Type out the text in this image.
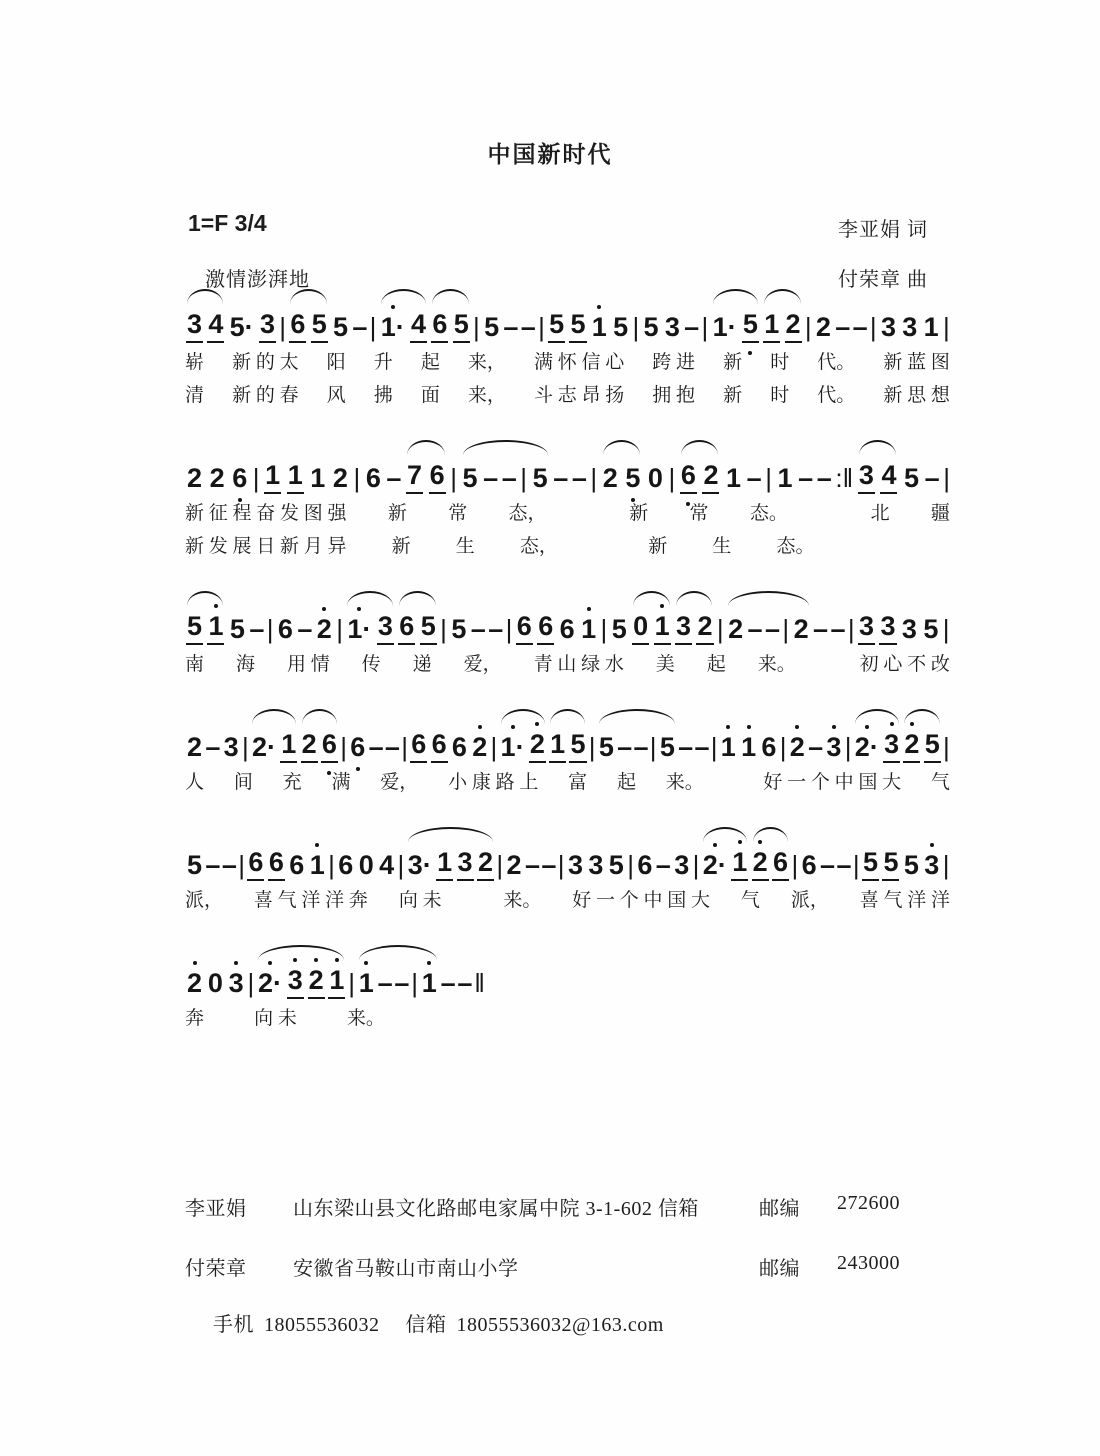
中国新时代
1=F 3/4	李亚娟 词
激情澎湃地	付荣章 曲
3 4 5· 3 | 6 5 5 – | 1· 4 6 5 | 5 – – | 5 5 1 5 | 5 3 – | 1· 5 1 2 | 2 – – | 3 3 1 |
崭 新 的 太 阳 升 起 来， 满 怀 信 心 跨 进 新 时 代。 新 蓝 图
清 新 的 春 风 拂 面 来， 斗 志 昂 扬 拥 抱 新 时 代。 新 思 想
2 2 6 | 1 1 1 2 | 6 – 7 6 | 5 – – | 5 – – | 2 5 0 | 6 2 1 – | 1 – – :‖ 3 4 5 – |
新 征 程 奋 发 图 强 新 常 态，	新 常 态。	北 疆
新 发 展 日 新 月 异 新 生 态，	新 生 态。
5 1 5 – | 6 – 2 | 1· 3 6 5 | 5 – – | 6 6 6 1 | 5 0 1 3 2 | 2 – – | 2 – – | 3 3 3 5 |
南 海 用 情 传 递 爱， 青 山 绿 水 美 起 来。	初 心 不 改
2 – 3 | 2· 1 2 6 | 6 – – | 6 6 6 2 | 1· 2 1 5 | 5 – – | 5 – – | 1 1 6 | 2 – 3 | 2· 3 2 5 |
人 间 充 满 爱， 小 康 路 上 富 起 来。	好 一 个 中 国 大 气
5 – – | 6 6 6 1 | 6 0 4 | 3· 1 3 2 | 2 – – | 3 3 5 | 6 – 3 | 2· 1 2 6 | 6 – – | 5 5 5 3 |
派， 喜 气 洋 洋 奔 向 未	来。 好 一 个 中 国 大 气 派， 喜 气 洋 洋
2 0 3 | 2· 3 2 1 | 1 – – | 1 – – ‖
奔	向 未	来。
李亚娟	山东梁山县文化路邮电家属中院 3-1-602 信箱	邮编	272600
付荣章	安徽省马鞍山市南山小学	邮编	243000
手机 18055536032 信箱 18055536032@163.com
